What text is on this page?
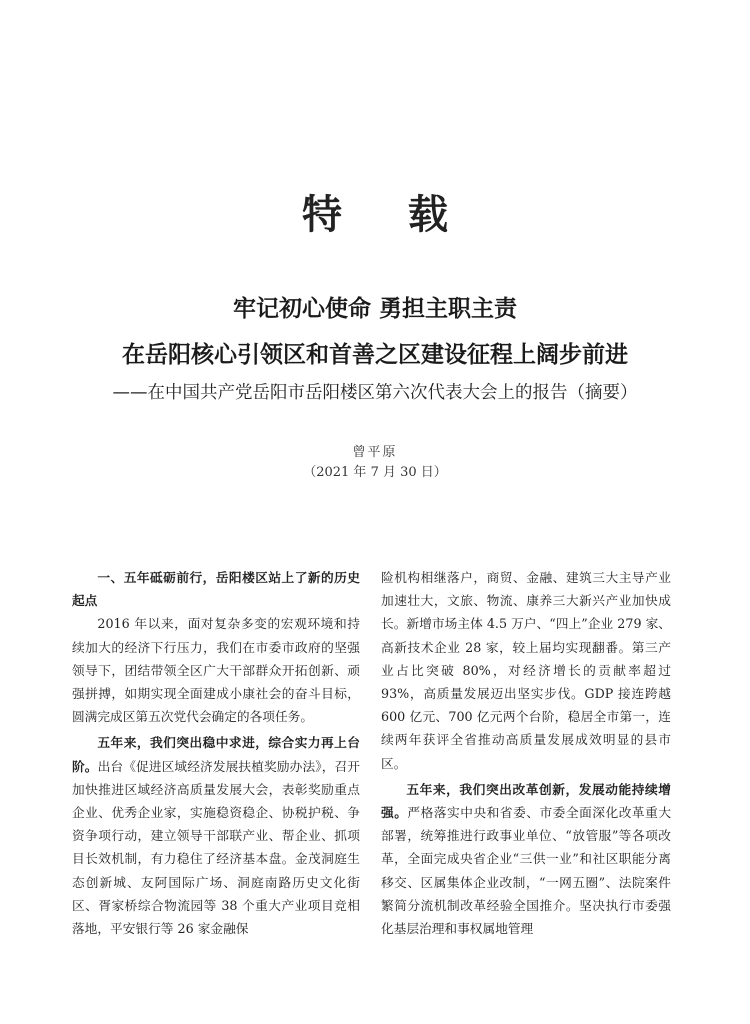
特 载
牢记初心使命 勇担主职主责
在岳阳核心引领区和首善之区建设征程上阔步前进
——在中国共产党岳阳市岳阳楼区第六次代表大会上的报告（摘要）
曾平原
（2021 年 7 月 30 日）

一、五年砥砺前行，岳阳楼区站上了新的历史起点

2016 年以来，面对复杂多变的宏观环境和持续加大的经济下行压力，我们在市委市政府的坚强领导下，团结带领全区广大干部群众开拓创新、顽强拼搏，如期实现全面建成小康社会的奋斗目标，圆满完成区第五次党代会确定的各项任务。

五年来，我们突出稳中求进，综合实力再上台阶。出台《促进区域经济发展扶植奖励办法》，召开加快推进区域经济高质量发展大会，表彰奖励重点企业、优秀企业家，实施稳资稳企、协税护税、争资争项行动，建立领导干部联产业、帮企业、抓项目长效机制，有力稳住了经济基本盘。金茂洞庭生态创新城、友阿国际广场、洞庭南路历史文化街区、胥家桥综合物流园等 38 个重大产业项目竞相落地，平安银行等 26 家金融保

险机构相继落户，商贸、金融、建筑三大主导产业加速壮大，文旅、物流、康养三大新兴产业加快成长。新增市场主体 4.5 万户、“四上”企业 279 家、高新技术企业 28 家，较上届均实现翻番。第三产业占比突破 80%，对经济增长的贡献率超过 93%，高质量发展迈出坚实步伐。GDP 接连跨越 600 亿元、700 亿元两个台阶，稳居全市第一，连续两年获评全省推动高质量发展成效明显的县市区。

五年来，我们突出改革创新，发展动能持续增强。严格落实中央和省委、市委全面深化改革重大部署，统筹推进行政事业单位、“放管服”等各项改革，全面完成央省企业“三供一业”和社区职能分离移交、区属集体企业改制，“一网五圈”、法院案件繁简分流机制改革经验全国推介。坚决执行市委强化基层治理和事权属地管理
